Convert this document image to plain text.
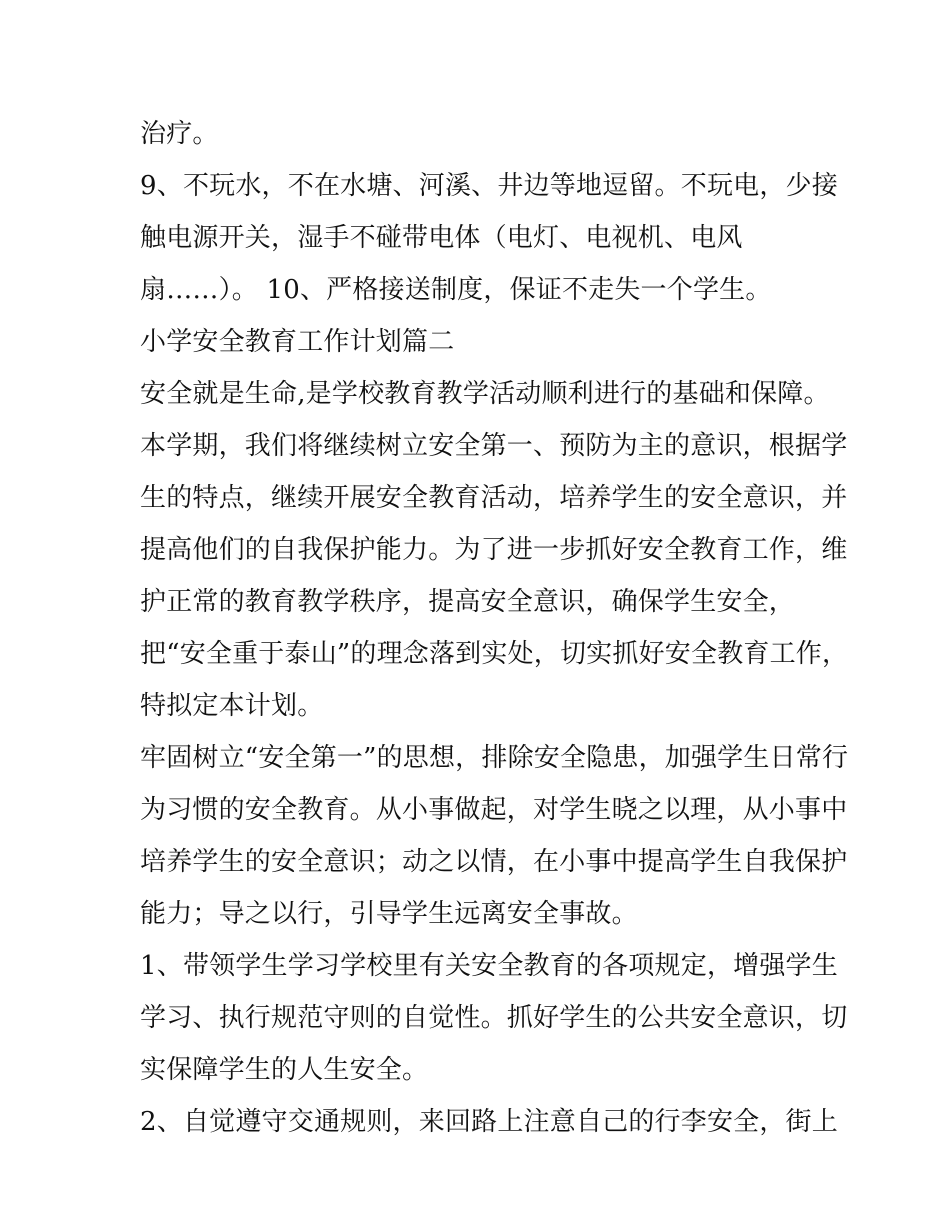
治疗。
9、不玩水，不在水塘、河溪、井边等地逗留。不玩电，少接
触电源开关，湿手不碰带电体（电灯、电视机、电风
扇……）。 10、严格接送制度，保证不走失一个学生。
小学安全教育工作计划篇二
安全就是生命,是学校教育教学活动顺利进行的基础和保障。
本学期，我们将继续树立安全第一、预防为主的意识，根据学
生的特点，继续开展安全教育活动，培养学生的安全意识，并
提高他们的自我保护能力。为了进一步抓好安全教育工作，维
护正常的教育教学秩序，提高安全意识，确保学生安全，
把“安全重于泰山”的理念落到实处，切实抓好安全教育工作，
特拟定本计划。
牢固树立“安全第一”的思想，排除安全隐患，加强学生日常行
为习惯的安全教育。从小事做起，对学生晓之以理，从小事中
培养学生的安全意识；动之以情，在小事中提高学生自我保护
能力；导之以行，引导学生远离安全事故。
1、带领学生学习学校里有关安全教育的各项规定，增强学生
学习、执行规范守则的自觉性。抓好学生的公共安全意识，切
实保障学生的人生安全。
2、自觉遵守交通规则，来回路上注意自己的行李安全，街上
